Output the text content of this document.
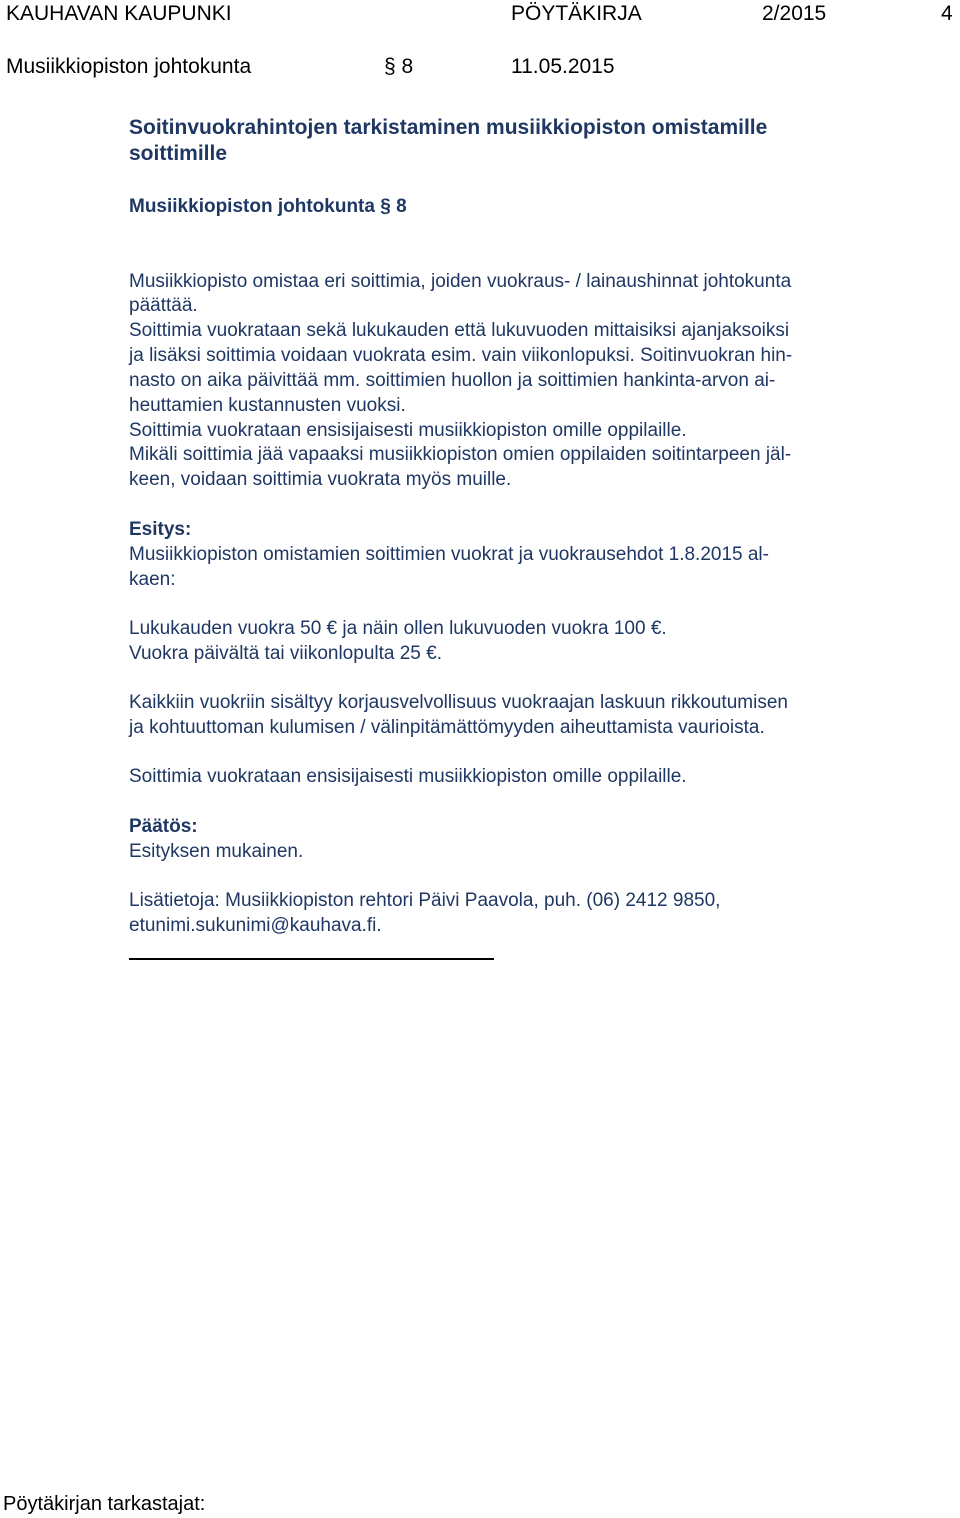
KAUHAVAN KAUPUNKI	PÖYTÄKIRJA	2/2015	4
Musiikkiopiston johtokunta	§ 8	11.05.2015
Soitinvuokrahintojen tarkistaminen musiikkiopiston omistamille
soittimille
Musiikkiopiston johtokunta § 8
Musiikkiopisto omistaa eri soittimia, joiden vuokraus- / lainaushinnat johtokunta
päättää.
Soittimia vuokrataan sekä lukukauden että lukuvuoden mittaisiksi ajanjaksoiksi
ja lisäksi soittimia voidaan vuokrata esim. vain viikonlopuksi. Soitinvuokran hin-
nasto on aika päivittää mm. soittimien huollon ja soittimien hankinta-arvon ai-
heuttamien kustannusten vuoksi.
Soittimia vuokrataan ensisijaisesti musiikkiopiston omille oppilaille.
Mikäli soittimia jää vapaaksi musiikkiopiston omien oppilaiden soitintarpeen jäl-
keen, voidaan soittimia vuokrata myös muille.
Esitys:
Musiikkiopiston omistamien soittimien vuokrat ja vuokrausehdot 1.8.2015 al-
kaen:
Lukukauden vuokra 50 € ja näin ollen lukuvuoden vuokra 100 €.
Vuokra päivältä tai viikonlopulta 25 €.
Kaikkiin vuokriin sisältyy korjausvelvollisuus vuokraajan laskuun rikkoutumisen
ja kohtuuttoman kulumisen / välinpitämättömyyden aiheuttamista vaurioista.
Soittimia vuokrataan ensisijaisesti musiikkiopiston omille oppilaille.
Päätös:
Esityksen mukainen.
Lisätietoja: Musiikkiopiston rehtori Päivi Paavola, puh. (06) 2412 9850,
etunimi.sukunimi@kauhava.fi.
Pöytäkirjan tarkastajat:
